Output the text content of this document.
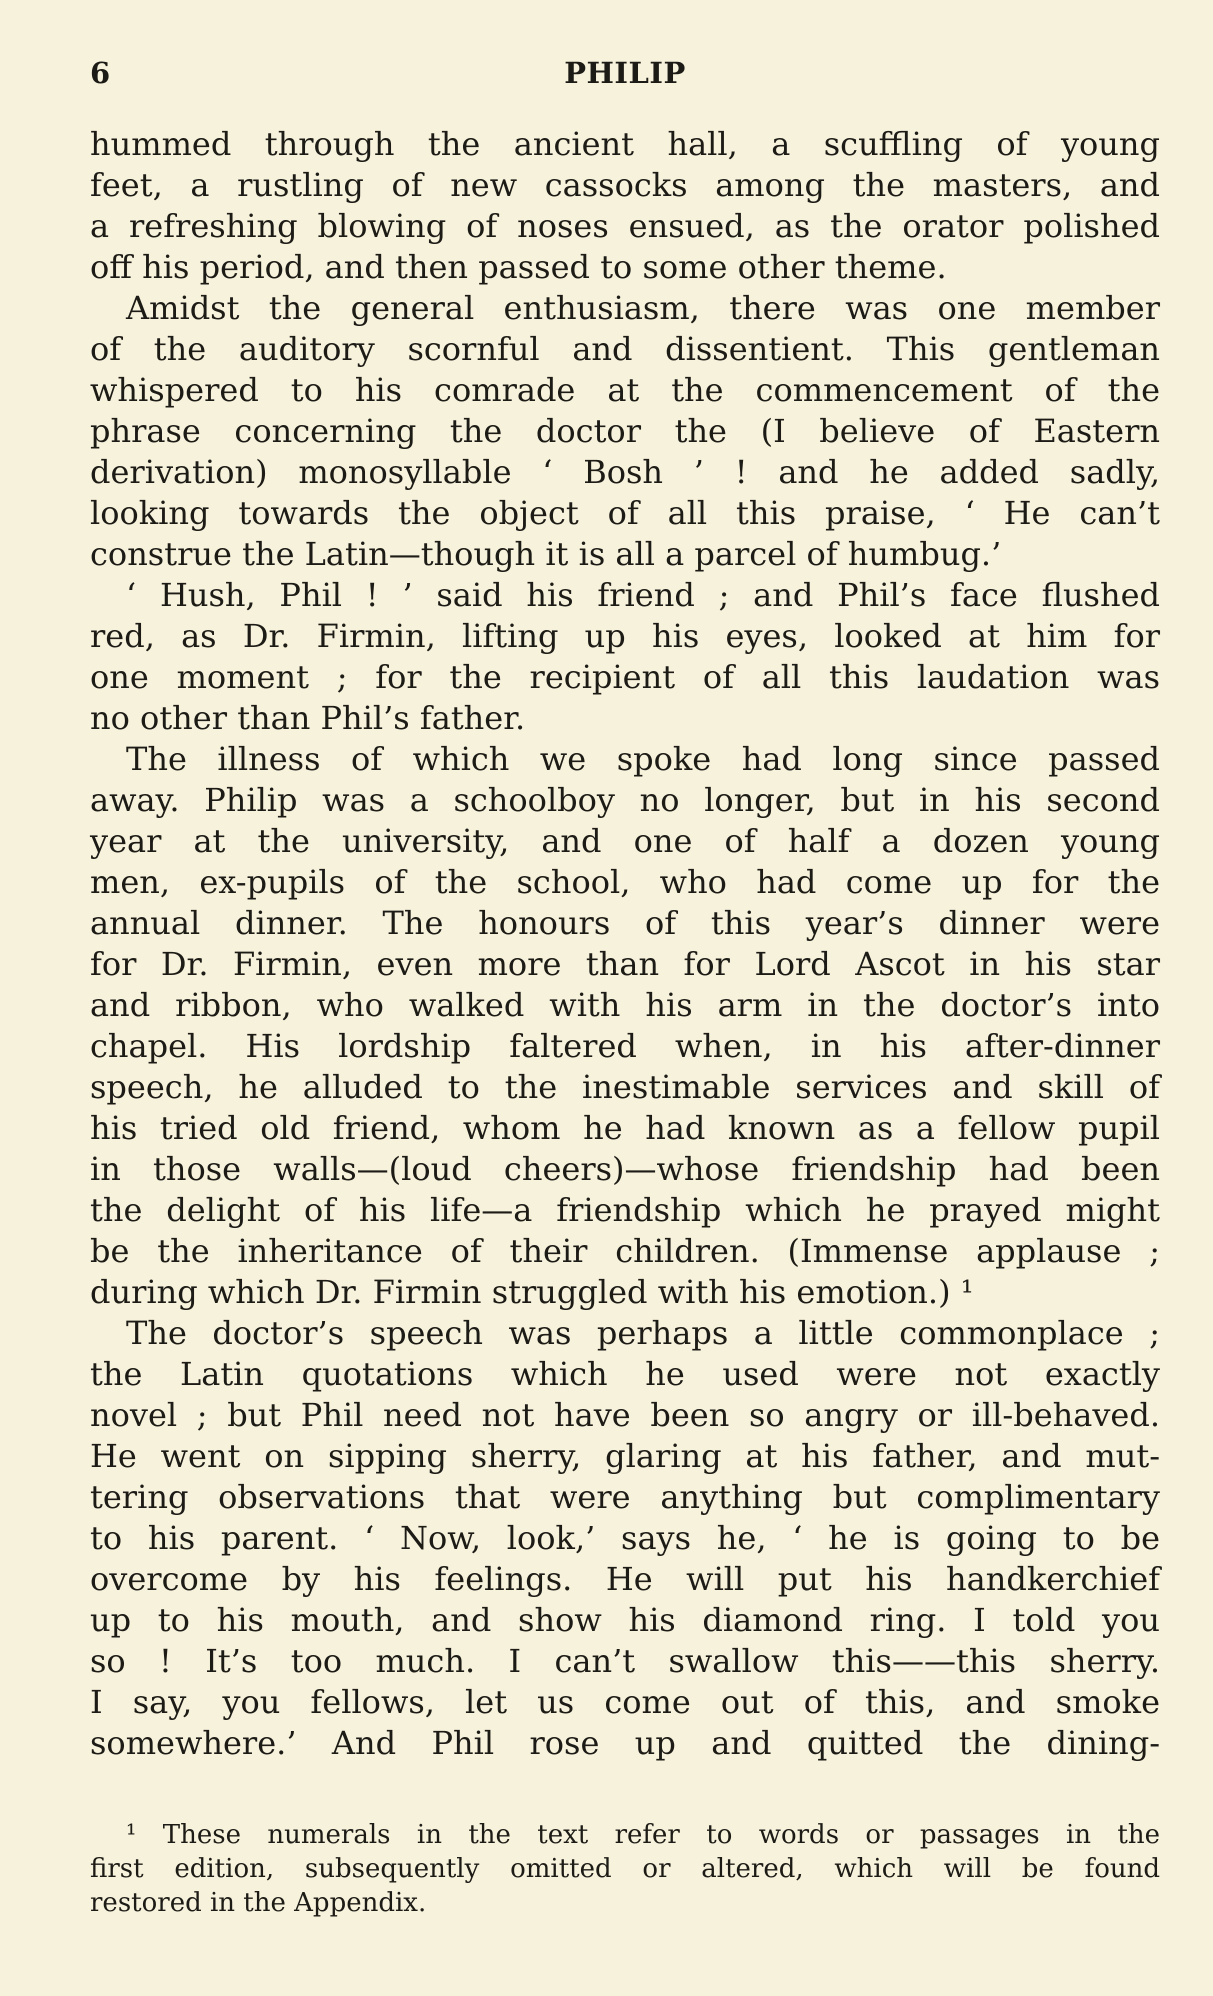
6	PHILIP
hummed through the ancient hall, a scuffling of young
feet, a rustling of new cassocks among the masters, and
a refreshing blowing of noses ensued, as the orator polished
off his period, and then passed to some other theme.
Amidst the general enthusiasm, there was one member
of the auditory scornful and dissentient. This gentleman
whispered to his comrade at the commencement of the
phrase concerning the doctor the (I believe of Eastern
derivation) monosyllable ‘ Bosh ’ ! and he added sadly,
looking towards the object of all this praise, ‘ He can’t
construe the Latin—though it is all a parcel of humbug.’
‘ Hush, Phil ! ’ said his friend ; and Phil’s face flushed
red, as Dr. Firmin, lifting up his eyes, looked at him for
one moment ; for the recipient of all this laudation was
no other than Phil’s father.
The illness of which we spoke had long since passed
away. Philip was a schoolboy no longer, but in his second
year at the university, and one of half a dozen young
men, ex-pupils of the school, who had come up for the
annual dinner. The honours of this year’s dinner were
for Dr. Firmin, even more than for Lord Ascot in his star
and ribbon, who walked with his arm in the doctor’s into
chapel. His lordship faltered when, in his after-dinner
speech, he alluded to the inestimable services and skill of
his tried old friend, whom he had known as a fellow pupil
in those walls—(loud cheers)—whose friendship had been
the delight of his life—a friendship which he prayed might
be the inheritance of their children. (Immense applause ;
during which Dr. Firmin struggled with his emotion.) ¹
The doctor’s speech was perhaps a little commonplace ;
the Latin quotations which he used were not exactly
novel ; but Phil need not have been so angry or ill-behaved.
He went on sipping sherry, glaring at his father, and mut-
tering observations that were anything but complimentary
to his parent. ‘ Now, look,’ says he, ‘ he is going to be
overcome by his feelings. He will put his handkerchief
up to his mouth, and show his diamond ring. I told you
so ! It’s too much. I can’t swallow this——this sherry.
I say, you fellows, let us come out of this, and smoke
somewhere.’ And Phil rose up and quitted the dining-
¹ These numerals in the text refer to words or passages in the
first edition, subsequently omitted or altered, which will be found
restored in the Appendix.
